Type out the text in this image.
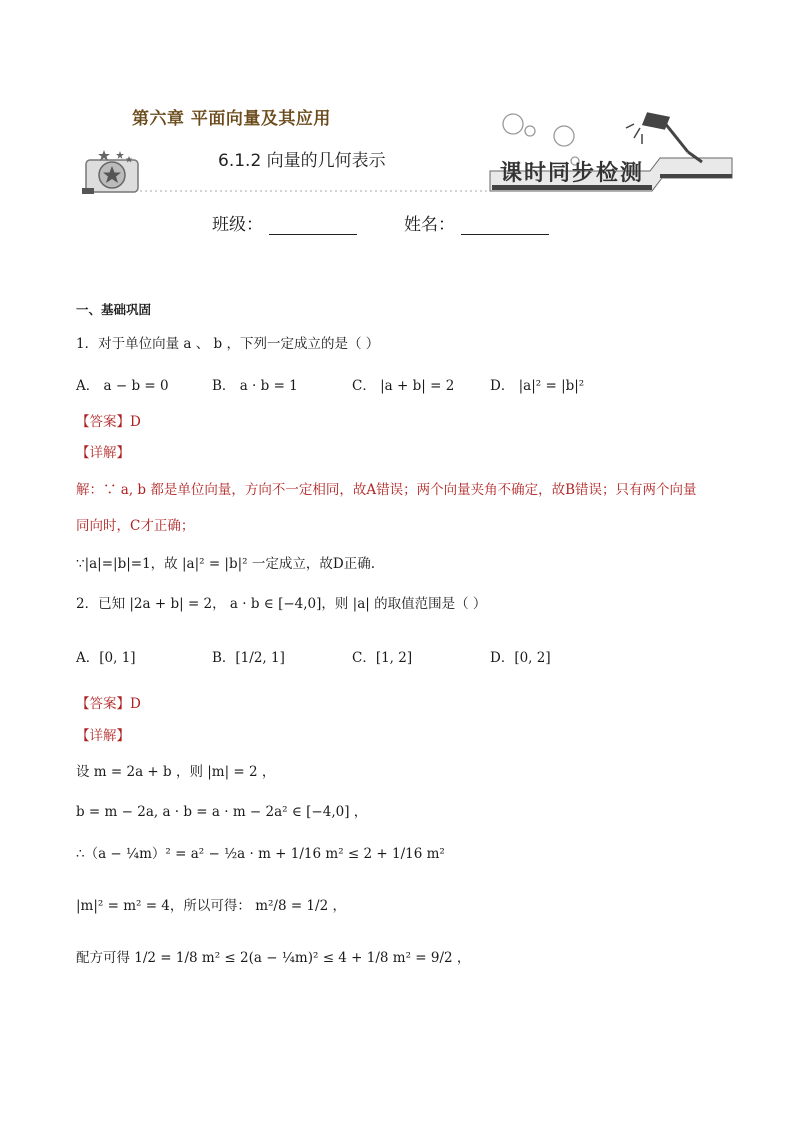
第六章 平面向量及其应用
6.1.2 向量的几何表示	课时同步检测
班级：	姓名：
一、基础巩固
1．对于单位向量 a 、 b ，下列一定成立的是（ ）
A． a − b = 0	B． a · b = 1	C． |a + b| = 2	D． |a|² = |b|²
【答案】D
【详解】
解：∵ a, b 都是单位向量，方向不一定相同，故A错误；两个向量夹角不确定，故B错误；只有两个向量
同向时，C才正确；
∵|a|=|b|=1，故 |a|² = |b|² 一定成立，故D正确.
2．已知 |2a + b| = 2， a · b ∈ [−4,0]，则 |a| 的取值范围是（ ）
A．[0, 1]	B．[1/2, 1]	C．[1, 2]	D．[0, 2]
【答案】D
【详解】
设 m = 2a + b ，则 |m| = 2 ，
b = m − 2a, a · b = a · m − 2a² ∈ [−4,0] ，
∴（a − ¼m）² = a² − ½a · m + 1/16 m² ≤ 2 + 1/16 m²
|m|² = m² = 4，所以可得： m²/8 = 1/2 ，
配方可得 1/2 = 1/8 m² ≤ 2(a − ¼m)² ≤ 4 + 1/8 m² = 9/2 ，
